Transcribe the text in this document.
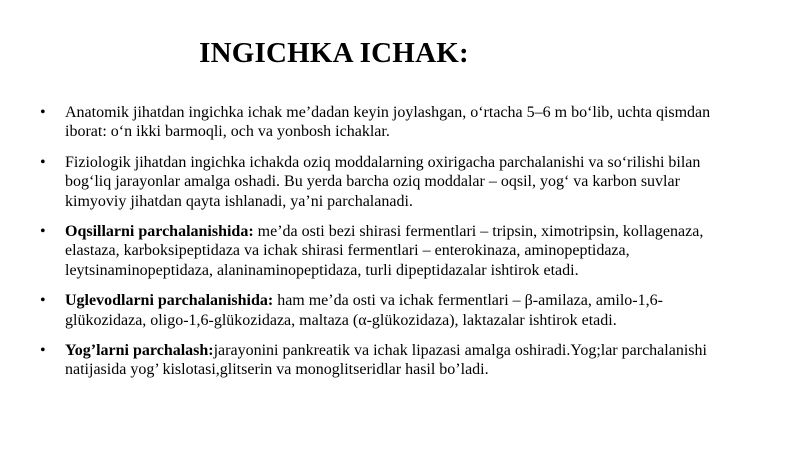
INGICHKA ICHAK:
• Anatomik jihatdan ingichka ichak me’dadan keyin joylashgan, o‘rtacha 5–6 m bo‘lib, uchta qismdan iborat: o‘n ikki barmoqli, och va yonbosh ichaklar.
• Fiziologik jihatdan ingichka ichakda oziq moddalarning oxirigacha parchalanishi va so‘rilishi bilan bog‘liq jarayonlar amalga oshadi. Bu yerda barcha oziq moddalar – oqsil, yog‘ va karbon suvlar kimyoviy jihatdan qayta ishlanadi, ya’ni parchalanadi.
• Oqsillarni parchalanishida: me’da osti bezi shirasi fermentlari – tripsin, ximotripsin, kollagenaza, elastaza, karboksipeptidaza va ichak shirasi fermentlari – enterokinaza, aminopeptidaza, leytsinaminopeptidaza, alaninaminopeptidaza, turli dipeptidazalar ishtirok etadi.
• Uglevodlarni parchalanishida: ham me’da osti va ichak fermentlari – β-amilaza, amilo-1,6-glükozidaza, oligo-1,6-glükozidaza, maltaza (α-glükozidaza), laktazalar ishtirok etadi.
• Yog’larni parchalash:jarayonini pankreatik va ichak lipazasi amalga oshiradi.Yog;lar parchalanishi natijasida yog’ kislotasi,glitserin va monoglitseridlar hasil bo’ladi.
